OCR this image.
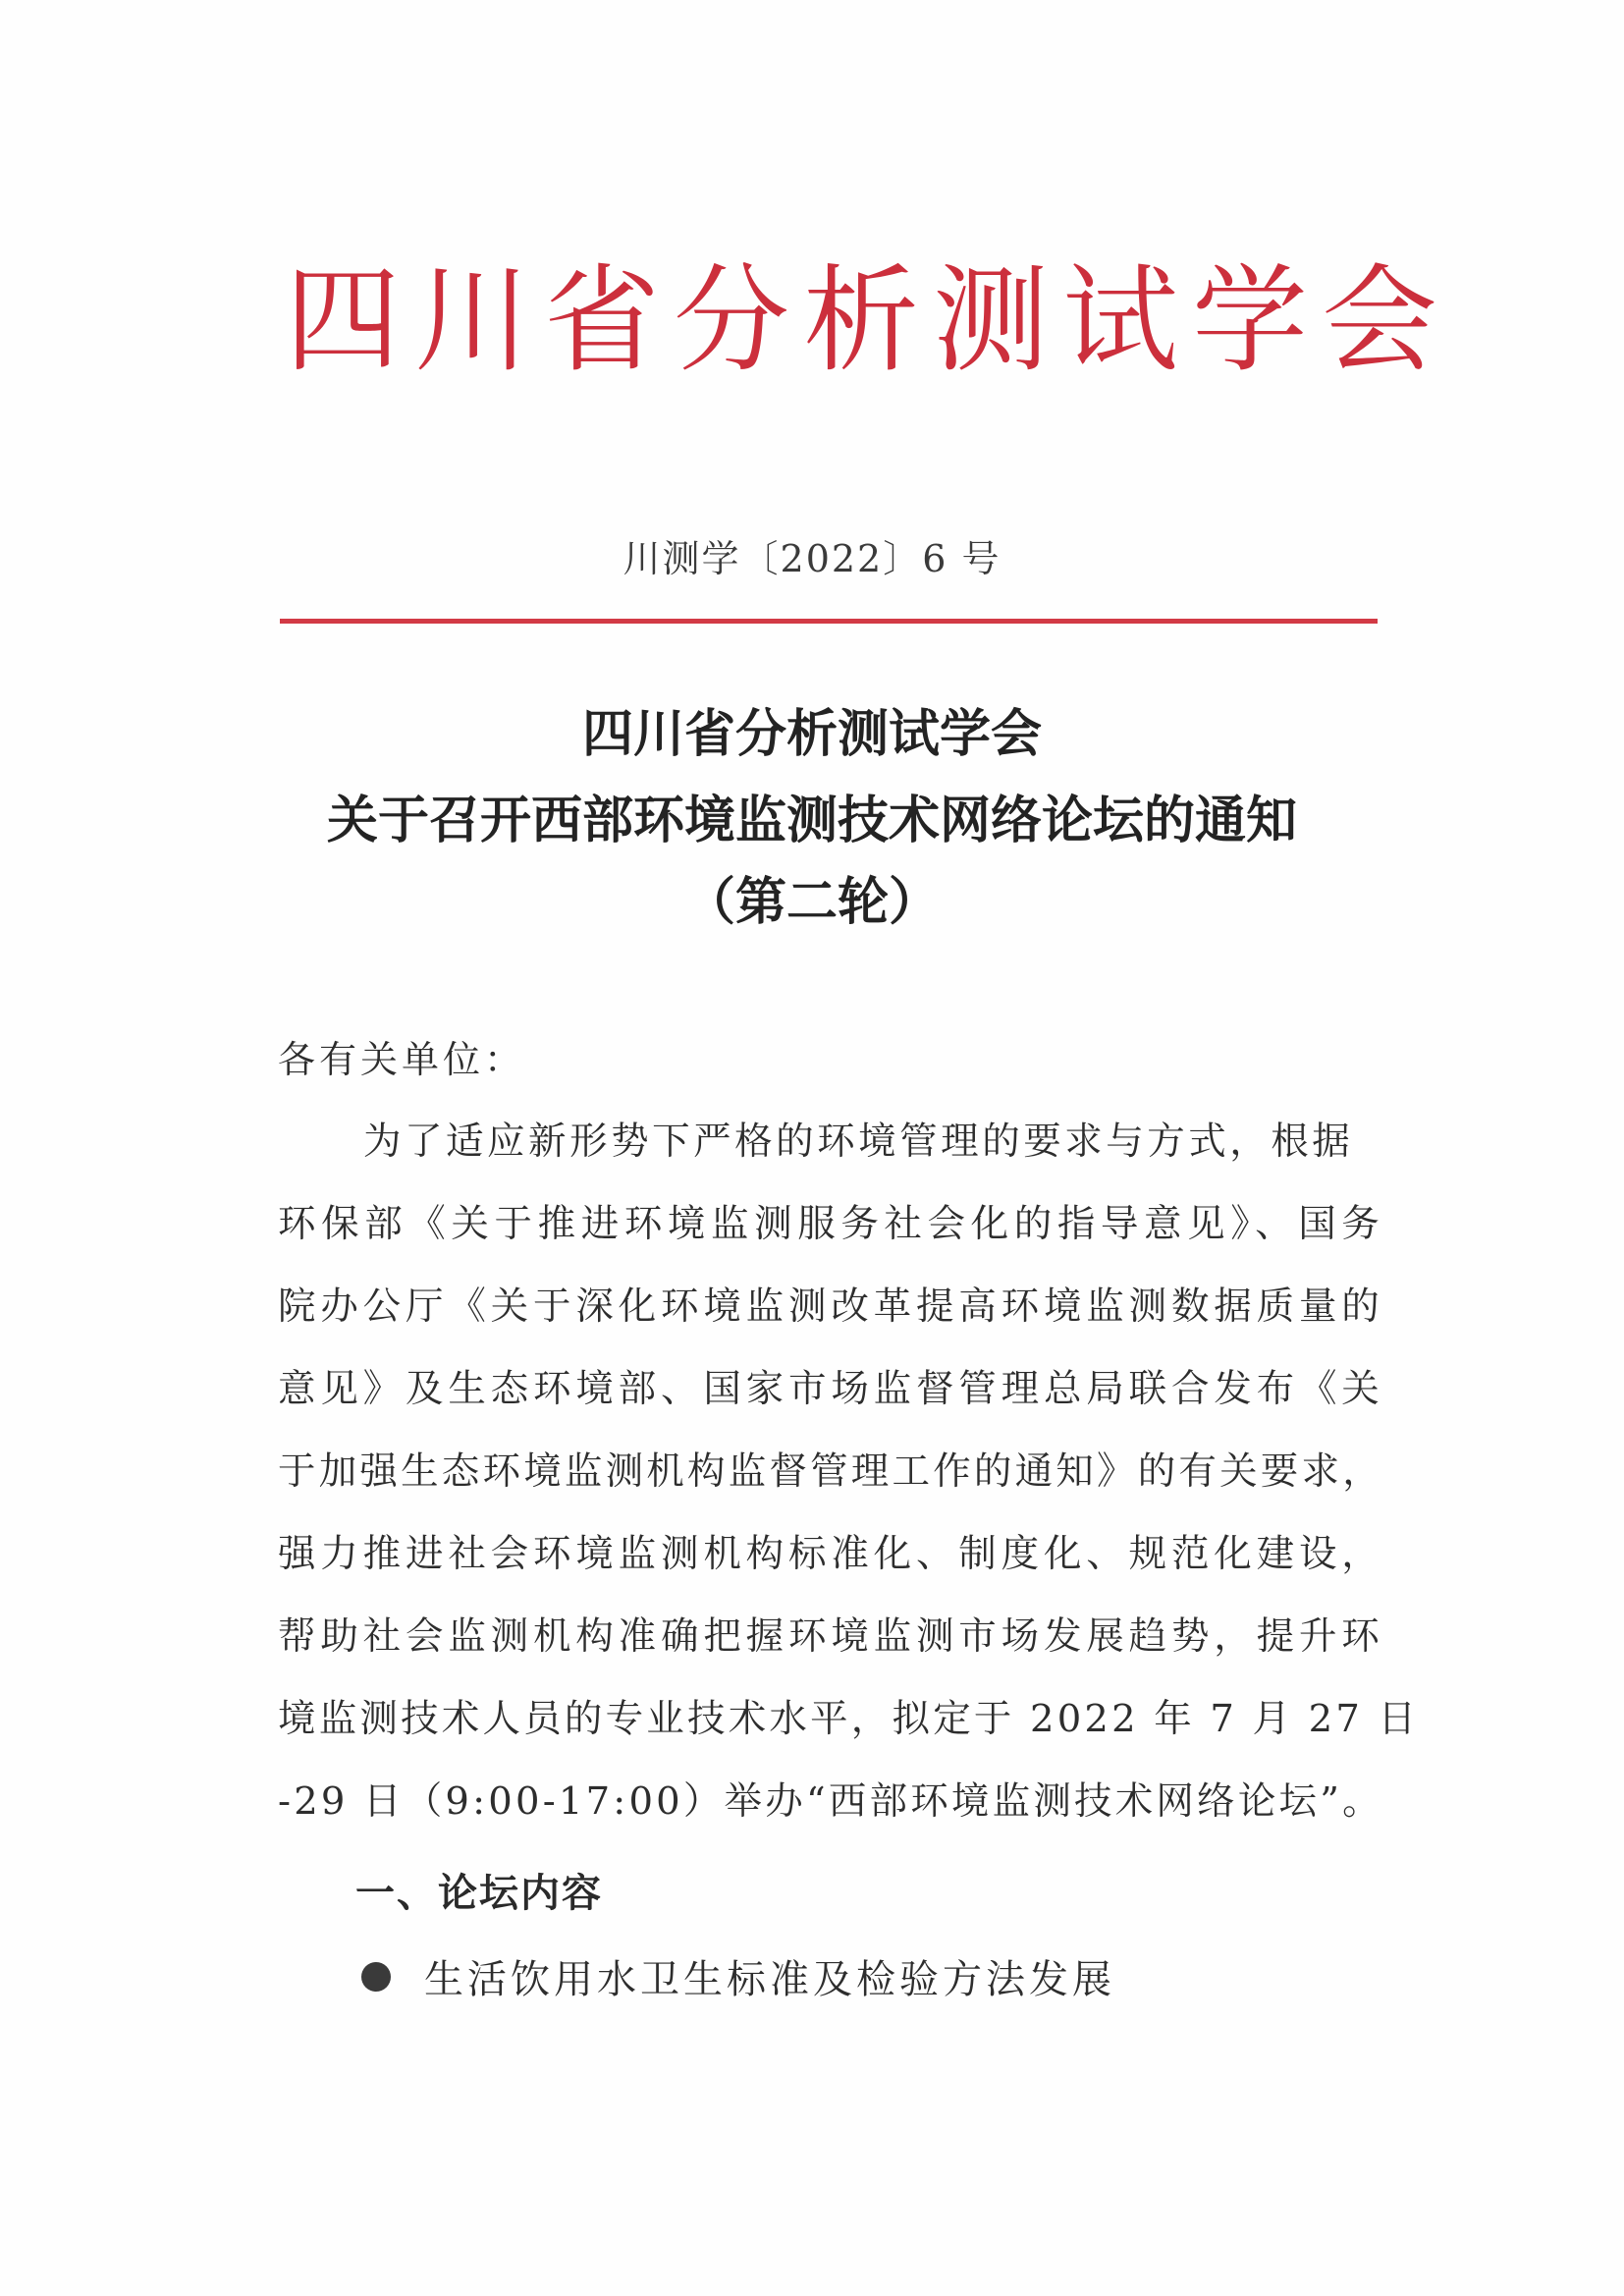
四川省分析测试学会
川测学〔2022〕6 号
四川省分析测试学会
关于召开西部环境监测技术网络论坛的通知
（第二轮）
各有关单位：
为了适应新形势下严格的环境管理的要求与方式，根据
环保部《关于推进环境监测服务社会化的指导意见》、国务
院办公厅《关于深化环境监测改革提高环境监测数据质量的
意见》及生态环境部、国家市场监督管理总局联合发布《关
于加强生态环境监测机构监督管理工作的通知》的有关要求，
强力推进社会环境监测机构标准化、制度化、规范化建设，
帮助社会监测机构准确把握环境监测市场发展趋势，提升环
境监测技术人员的专业技术水平，拟定于 2022 年 7 月 27 日
-29 日（9:00-17:00）举办“西部环境监测技术网络论坛”。
一、论坛内容
生活饮用水卫生标准及检验方法发展
